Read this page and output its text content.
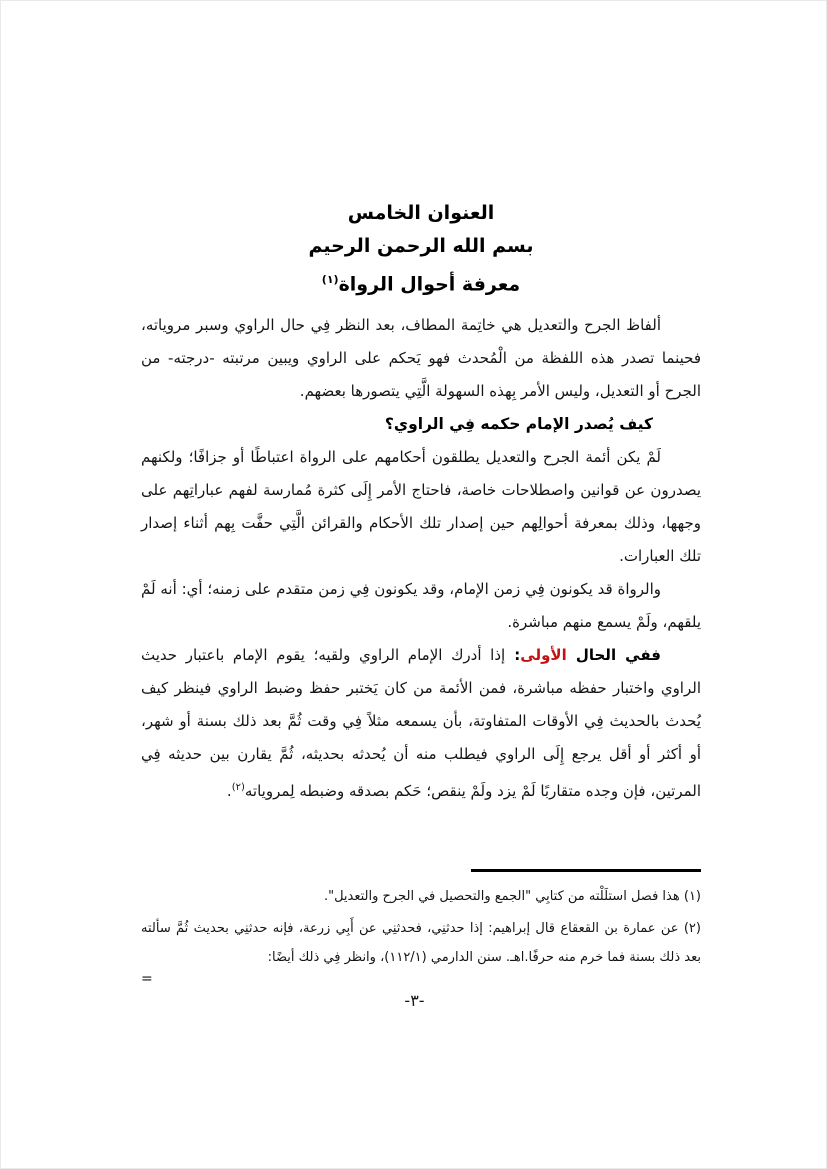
العنوان الخامس
بسم الله الرحمن الرحيم
معرفة أحوال الرواة$^{(١)}$

ألفاظ الجرح والتعديل هي خاتِمة المطاف، بعد النظر فِي حال الراوي وسبر مروياته، فحينما تصدر هذه اللفظة من الْمُحدث فهو يَحكم على الراوي ويبين مرتبته -درجته- من الجرح أو التعديل، وليس الأمر بِهذه السهولة الَّتِي يتصورها بعضهم.

كيف يُصدر الإمام حكمه فِي الراوي؟

لَمْ يكن أئمة الجرح والتعديل يطلقون أحكامهم على الرواة اعتباطًا أو جزافًا؛ ولكنهم يصدرون عن قوانين واصطلاحات خاصة، فاحتاج الأمر إِلَى كثرة مُمارسة لفهم عباراتِهم على وجهها، وذلك بمعرفة أحوالِهم حين إصدار تلك الأحكام والقرائن الَّتِي حفَّت بِهم أثناء إصدار تلك العبارات.

والرواة قد يكونون فِي زمن الإمام، وقد يكونون فِي زمن متقدم على زمنه؛ أي: أنه لَمْ يلقهم، ولَمْ يسمع منهم مباشرة.

ففي الحال الأولى: إذا أدرك الإمام الراوي ولقيه؛ يقوم الإمام باعتبار حديث الراوي واختبار حفظه مباشرة، فمن الأئمة من كان يَختبر حفظ وضبط الراوي فينظر كيف يُحدث بالحديث فِي الأوقات المتفاوتة، بأن يسمعه مثلاً فِي وقت ثُمَّ بعد ذلك بسنة أو شهر، أو أكثر أو أقل يرجع إِلَى الراوي فيطلب منه أن يُحدثه بحديثه، ثُمَّ يقارن بين حديثه فِي المرتين، فإن وجده متقاربًا لَمْ يزد ولَمْ ينقص؛ حَكم بصدقه وضبطه لِمروياته$^{(٢)}$.

(١) هذا فصل استلَلْته من كتابِي "الجمع والتحصيل في الجرح والتعديل".

(٢) عن عمارة بن القعقاع قال إبراهيم: إذا حدثنِي، فحدثنِي عن أَبِي زرعة، فإنه حدثنِي بحديث ثُمَّ سألته بعد ذلك بسنة فما خرم منه حرفًا.اهـ. سنن الدارمي (١١٢/١)، وانظر فِي ذلك أيضًا:

=
-٣-
